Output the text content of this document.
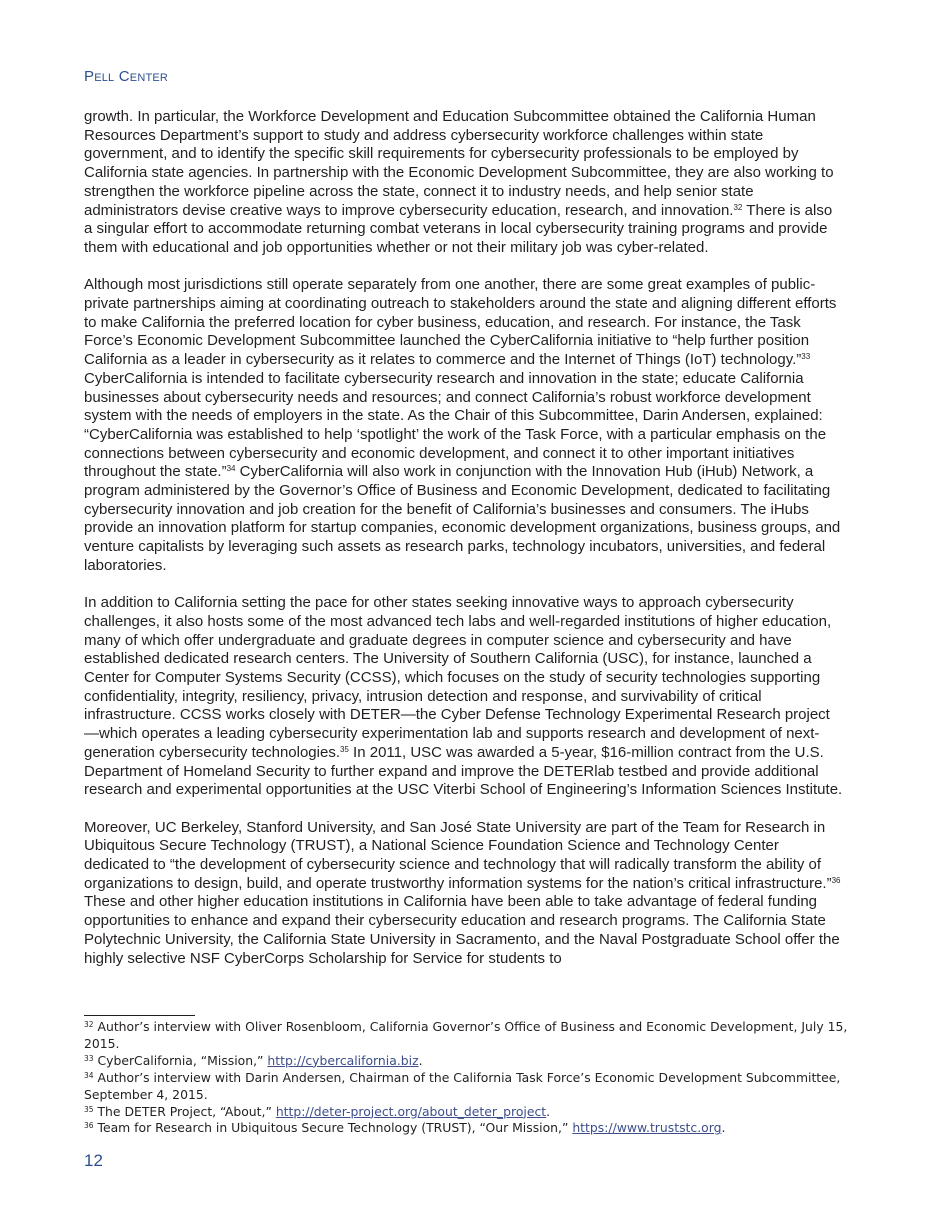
Pell Center

growth. In particular, the Workforce Development and Education Subcommittee obtained the California Human Resources Department’s support to study and address cybersecurity workforce challenges within state government, and to identify the specific skill requirements for cybersecurity professionals to be employed by California state agencies. In partnership with the Economic Development Subcommittee, they are also working to strengthen the workforce pipeline across the state, connect it to industry needs, and help senior state administrators devise creative ways to improve cybersecurity education, research, and innovation.$^{32}$ There is also a singular effort to accommodate returning combat veterans in local cybersecurity training programs and provide them with educational and job opportunities whether or not their military job was cyber-related.

Although most jurisdictions still operate separately from one another, there are some great examples of public-private partnerships aiming at coordinating outreach to stakeholders around the state and aligning different efforts to make California the preferred location for cyber business, education, and research. For instance, the Task Force’s Economic Development Subcommittee launched the CyberCalifornia initiative to “help further position California as a leader in cybersecurity as it relates to commerce and the Internet of Things (IoT) technology.”$^{33}$ CyberCalifornia is intended to facilitate cybersecurity research and innovation in the state; educate California businesses about cybersecurity needs and resources; and connect California’s robust workforce development system with the needs of employers in the state. As the Chair of this Subcommittee, Darin Andersen, explained: “CyberCalifornia was established to help ‘spotlight’ the work of the Task Force, with a particular emphasis on the connections between cybersecurity and economic development, and connect it to other important initiatives throughout the state.”$^{34}$ CyberCalifornia will also work in conjunction with the Innovation Hub (iHub) Network, a program administered by the Governor’s Office of Business and Economic Development, dedicated to facilitating cybersecurity innovation and job creation for the benefit of California’s businesses and consumers. The iHubs provide an innovation platform for startup companies, economic development organizations, business groups, and venture capitalists by leveraging such assets as research parks, technology incubators, universities, and federal laboratories.

In addition to California setting the pace for other states seeking innovative ways to approach cybersecurity challenges, it also hosts some of the most advanced tech labs and well-regarded institutions of higher education, many of which offer undergraduate and graduate degrees in computer science and cybersecurity and have established dedicated research centers. The University of Southern California (USC), for instance, launched a Center for Computer Systems Security (CCSS), which focuses on the study of security technologies supporting confidentiality, integrity, resiliency, privacy, intrusion detection and response, and survivability of critical infrastructure. CCSS works closely with DETER—the Cyber Defense Technology Experimental Research project—which operates a leading cybersecurity experimentation lab and supports research and development of next-generation cybersecurity technologies.$^{35}$ In 2011, USC was awarded a 5-year, $16-million contract from the U.S. Department of Homeland Security to further expand and improve the DETERlab testbed and provide additional research and experimental opportunities at the USC Viterbi School of Engineering’s Information Sciences Institute.

Moreover, UC Berkeley, Stanford University, and San José State University are part of the Team for Research in Ubiquitous Secure Technology (TRUST), a National Science Foundation Science and Technology Center dedicated to “the development of cybersecurity science and technology that will radically transform the ability of organizations to design, build, and operate trustworthy information systems for the nation’s critical infrastructure.”$^{36}$ These and other higher education institutions in California have been able to take advantage of federal funding opportunities to enhance and expand their cybersecurity education and research programs. The California State Polytechnic University, the California State University in Sacramento, and the Naval Postgraduate School offer the highly selective NSF CyberCorps Scholarship for Service for students to

$^{32}$ Author’s interview with Oliver Rosenbloom, California Governor’s Office of Business and Economic Development, July 15, 2015.

$^{33}$ CyberCalifornia, “Mission,” http://cybercalifornia.biz.

$^{34}$ Author’s interview with Darin Andersen, Chairman of the California Task Force’s Economic Development Subcommittee, September 4, 2015.

$^{35}$ The DETER Project, “About,” http://deter-project.org/about_deter_project.

$^{36}$ Team for Research in Ubiquitous Secure Technology (TRUST), “Our Mission,” https://www.truststc.org.

12
